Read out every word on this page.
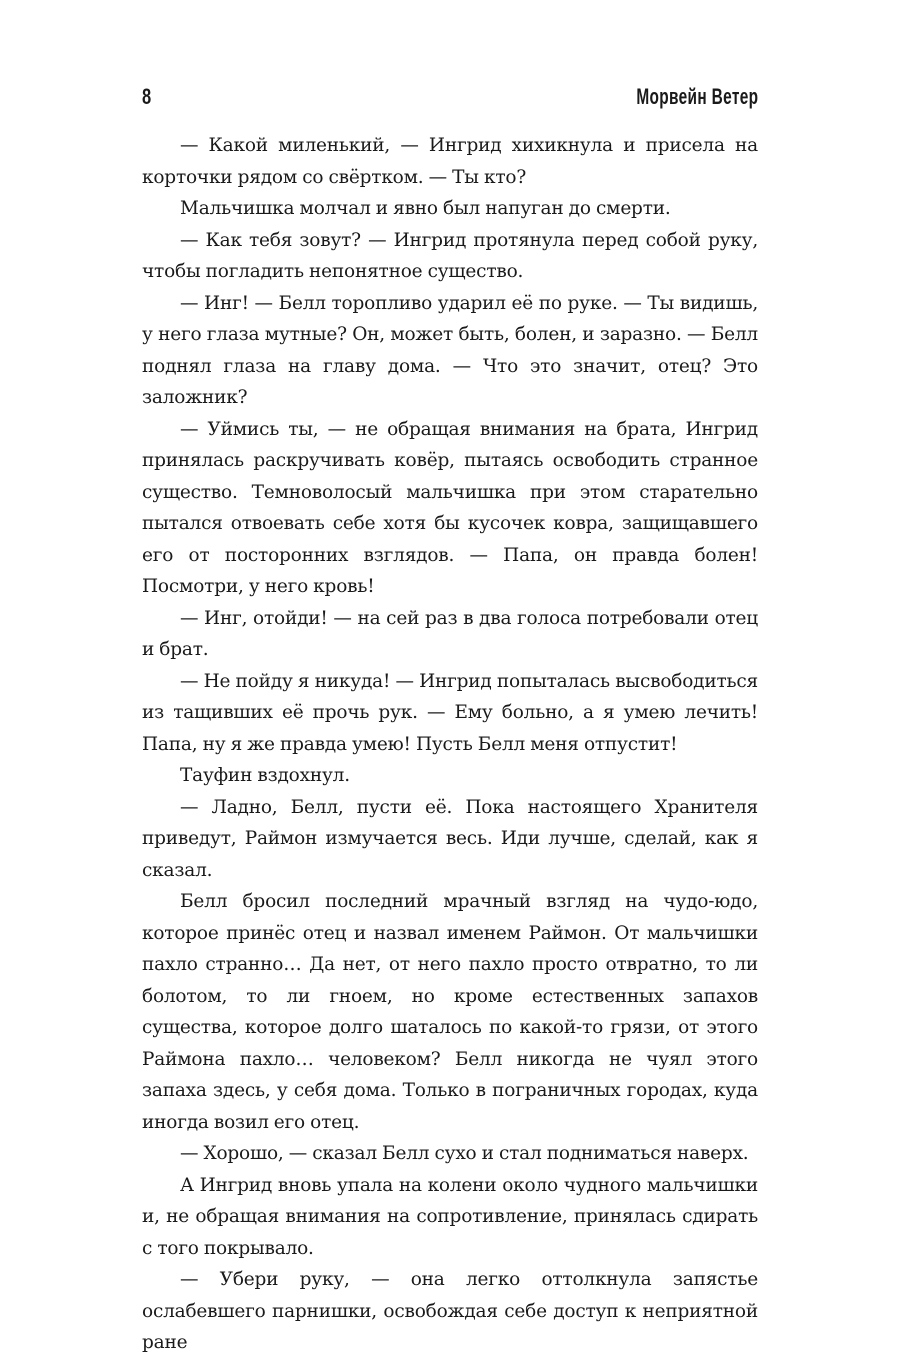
8	Морвейн Ветер

— Какой миленький, — Ингрид хихикнула и присела на корточки рядом со свёртком. — Ты кто?

Мальчишка молчал и явно был напуган до смерти.

— Как тебя зовут? — Ингрид протянула перед собой руку, чтобы погладить непонятное существо.

— Инг! — Белл торопливо ударил её по руке. — Ты видишь, у него глаза мутные? Он, может быть, болен, и заразно. — Белл поднял глаза на главу дома. — Что это значит, отец? Это заложник?

— Уймись ты, — не обращая внимания на брата, Ингрид принялась раскручивать ковёр, пытаясь освободить странное существо. Темноволосый мальчишка при этом старательно пытался отвоевать себе хотя бы кусочек ковра, защищавшего его от посторонних взглядов. — Папа, он правда болен! Посмотри, у него кровь!

— Инг, отойди! — на сей раз в два голоса потребовали отец и брат.

— Не пойду я никуда! — Ингрид попыталась высвободиться из тащивших её прочь рук. — Ему больно, а я умею лечить! Папа, ну я же правда умею! Пусть Белл меня отпустит!

Тауфин вздохнул.

— Ладно, Белл, пусти её. Пока настоящего Хранителя приведут, Раймон измучается весь. Иди лучше, сделай, как я сказал.

Белл бросил последний мрачный взгляд на чудо-юдо, которое принёс отец и назвал именем Раймон. От мальчишки пахло странно… Да нет, от него пахло просто отвратно, то ли болотом, то ли гноем, но кроме естественных запахов существа, которое долго шаталось по какой-то грязи, от этого Раймона пахло… человеком? Белл никогда не чуял этого запаха здесь, у себя дома. Только в пограничных городах, куда иногда возил его отец.

— Хорошо, — сказал Белл сухо и стал подниматься наверх.

А Ингрид вновь упала на колени около чудного мальчишки и, не обращая внимания на сопротивление, принялась сдирать с того покрывало.

— Убери руку, — она легко оттолкнула запястье ослабевшего парнишки, освобождая себе доступ к неприятной ране
